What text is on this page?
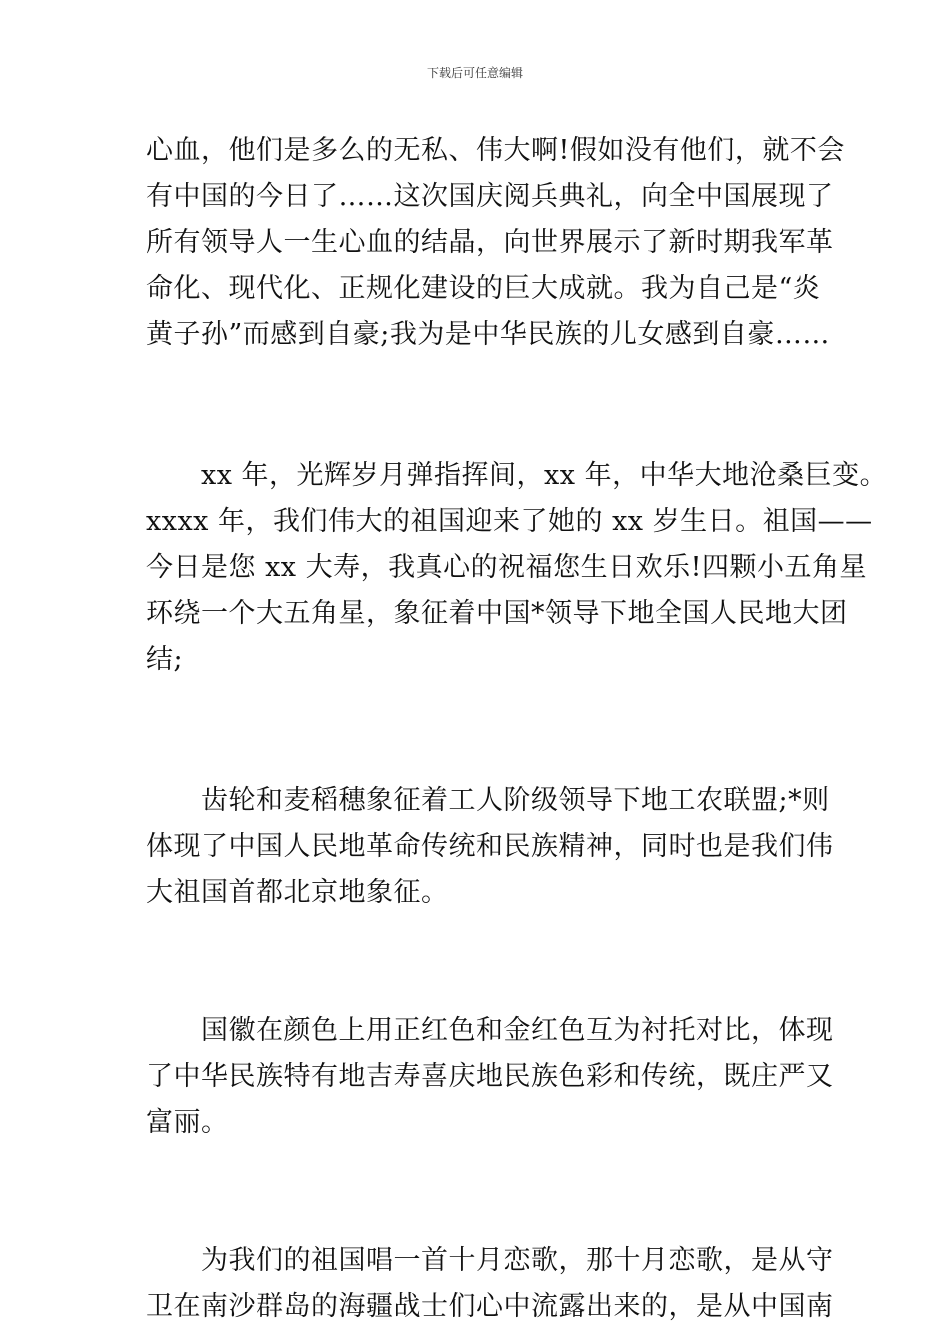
下载后可任意编辑
心血，他们是多么的无私、伟大啊!假如没有他们，就不会
有中国的今日了……这次国庆阅兵典礼，向全中国展现了
所有领导人一生心血的结晶，向世界展示了新时期我军革
命化、现代化、正规化建设的巨大成就。我为自己是“炎
黄子孙”而感到自豪;我为是中华民族的儿女感到自豪……
　　xx 年，光辉岁月弹指挥间，xx 年，中华大地沧桑巨变。
xxxx 年，我们伟大的祖国迎来了她的 xx 岁生日。祖国——
今日是您 xx 大寿，我真心的祝福您生日欢乐!四颗小五角星
环绕一个大五角星，象征着中国*领导下地全国人民地大团
结;
　　齿轮和麦稻穗象征着工人阶级领导下地工农联盟;*则
体现了中国人民地革命传统和民族精神，同时也是我们伟
大祖国首都北京地象征。
　　国徽在颜色上用正红色和金红色互为衬托对比，体现
了中华民族特有地吉寿喜庆地民族色彩和传统，既庄严又
富丽。
　　为我们的祖国唱一首十月恋歌，那十月恋歌，是从守
卫在南沙群岛的海疆战士们心中流露出来的，是从中国南
